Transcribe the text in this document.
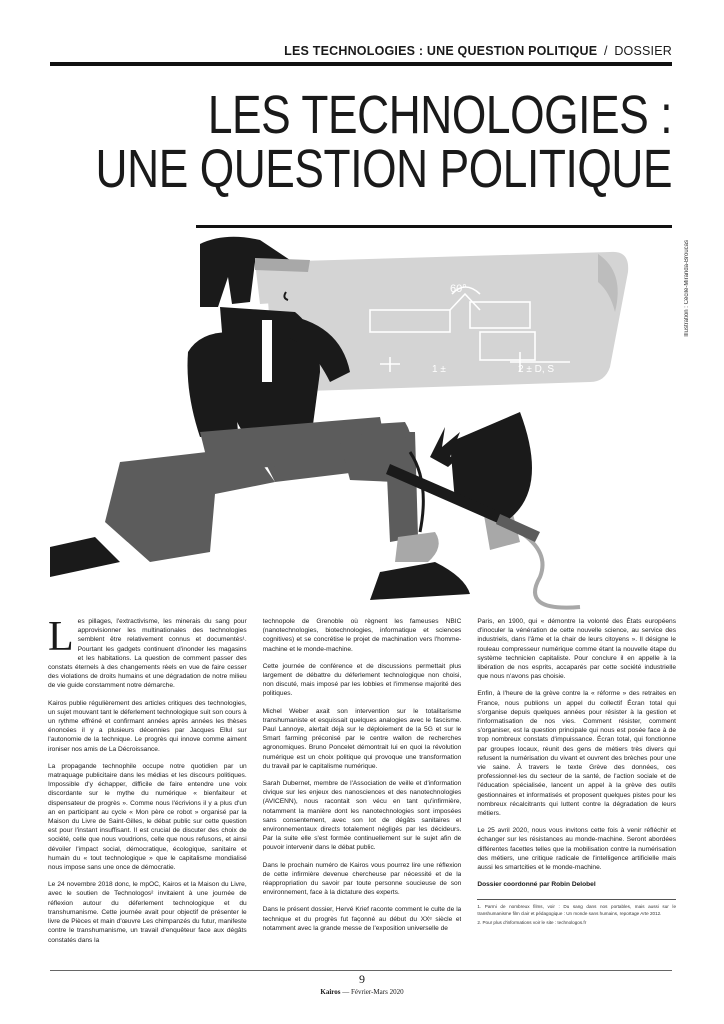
LES TECHNOLOGIES : UNE QUESTION POLITIQUE / DOSSIER
LES TECHNOLOGIES :
UNE QUESTION POLITIQUE
Illustration : Cécile-Miranda-Broucas
60°
1 ±	2 ± D, S

Les pillages, l'extractivisme, les minerais du sang pour approvisionner les multinationales des technologies semblent être relativement connus et documentés¹. Pourtant les gadgets continuent d'inonder les magasins et les habitations. La question de comment passer des constats éternels à des changements réels en vue de faire cesser des violations de droits humains et une dégradation de notre milieu de vie guide constamment notre démarche.

Kairos publie régulièrement des articles critiques des technologies, un sujet mouvant tant le déferlement technologique suit son cours à un rythme effréné et confirmant années après années les thèses énoncées il y a plusieurs décennies par Jacques Ellul sur l'autonomie de la technique. Le progrès qui innove comme aiment ironiser nos amis de La Décroissance.

La propagande technophile occupe notre quotidien par un matraquage publicitaire dans les médias et les discours politiques. Impossible d'y échapper, difficile de faire entendre une voix discordante sur le mythe du numérique « bienfaiteur et dispensateur de progrès ». Comme nous l'écrivions il y a plus d'un an en participant au cycle « Mon père ce robot » organisé par la Maison du Livre de Saint-Gilles, le débat public sur cette question est pour l'instant insuffisant. Il est crucial de discuter des choix de société, celle que nous voudrions, celle que nous refusons, et ainsi dévoiler l'impact social, démocratique, écologique, sanitaire et humain du « tout technologique » que le capitalisme mondialisé nous impose sans une once de démocratie.

Le 24 novembre 2018 donc, le mpOC, Kairos et la Maison du Livre, avec le soutien de Technologos² invitaient à une journée de réflexion autour du déferlement technologique et du transhumanisme. Cette journée avait pour objectif de présenter le livre de Pièces et main d'œuvre Les chimpanzés du futur, manifeste contre le transhumanisme, un travail d'enquêteur face aux dégâts constatés dans la

technopole de Grenoble où règnent les fameuses NBIC (nanotechnologies, biotechnologies, informatique et sciences cognitives) et se concrétise le projet de machination vers l'homme-machine et le monde-machine.

Cette journée de conférence et de discussions permettait plus largement de débattre du déferlement technologique non choisi, non discuté, mais imposé par les lobbies et l'immense majorité des politiques.

Michel Weber axait son intervention sur le totalitarisme transhumaniste et esquissait quelques analogies avec le fascisme. Paul Lannoye, alertait déjà sur le déploiement de la 5G et sur le Smart farming préconisé par le centre wallon de recherches agronomiques. Bruno Poncelet démontrait lui en quoi la révolution numérique est un choix politique qui provoque une transformation du travail par le capitalisme numérique.

Sarah Dubernet, membre de l'Association de veille et d'information civique sur les enjeux des nanosciences et des nanotechnologies (AVICENN), nous racontait son vécu en tant qu'infirmière, notamment la manière dont les nanotechnologies sont imposées sans consentement, avec son lot de dégâts sanitaires et environnementaux directs totalement négligés par les décideurs. Par la suite elle s'est formée continuellement sur le sujet afin de pouvoir intervenir dans le débat public.

Dans le prochain numéro de Kairos vous pourrez lire une réflexion de cette infirmière devenue chercheuse par nécessité et de la réappropriation du savoir par toute personne soucieuse de son environnement, face à la dictature des experts.

Dans le présent dossier, Hervé Krief raconte comment le culte de la technique et du progrès fut façonné au début du XXᵉ siècle et notamment avec la grande messe de l'exposition universelle de

Paris, en 1900, qui « démontre la volonté des États européens d'inoculer la vénération de cette nouvelle science, au service des industriels, dans l'âme et la chair de leurs citoyens ». Il désigne le rouleau compresseur numérique comme étant la nouvelle étape du système technicien capitaliste. Pour conclure il en appelle à la libération de nos esprits, accaparés par cette société industrielle que nous n'avons pas choisie.

Enfin, à l'heure de la grève contre la « réforme » des retraites en France, nous publions un appel du collectif Écran total qui s'organise depuis quelques années pour résister à la gestion et l'informatisation de nos vies. Comment résister, comment s'organiser, est la question principale qui nous est posée face à de trop nombreux constats d'impuissance. Écran total, qui fonctionne par groupes locaux, réunit des gens de métiers très divers qui refusent la numérisation du vivant et ouvrent des brèches pour une vie saine. À travers le texte Grève des données, ces professionnel·les du secteur de la santé, de l'action sociale et de l'éducation spécialisée, lancent un appel à la grève des outils gestionnaires et informatisés et proposent quelques pistes pour les nombreux récalcitrants qui luttent contre la dégradation de leurs métiers.

Le 25 avril 2020, nous vous invitons cette fois à venir réfléchir et échanger sur les résistances au monde-machine. Seront abordées différentes facettes telles que la mobilisation contre la numérisation des métiers, une critique radicale de l'intelligence artificielle mais aussi les smartcities et le monde-machine.

Dossier coordonné par Robin Delobel

1. Parmi de nombreux films, voir : Du sang dans nos portables, mais aussi sur le transhumanisme film clair et pédagogique : Un monde sans humains, reportage Arte 2012.
2. Pour plus d'informations voir le site : technologos.fr
9
Kairos — Février-Mars 2020
